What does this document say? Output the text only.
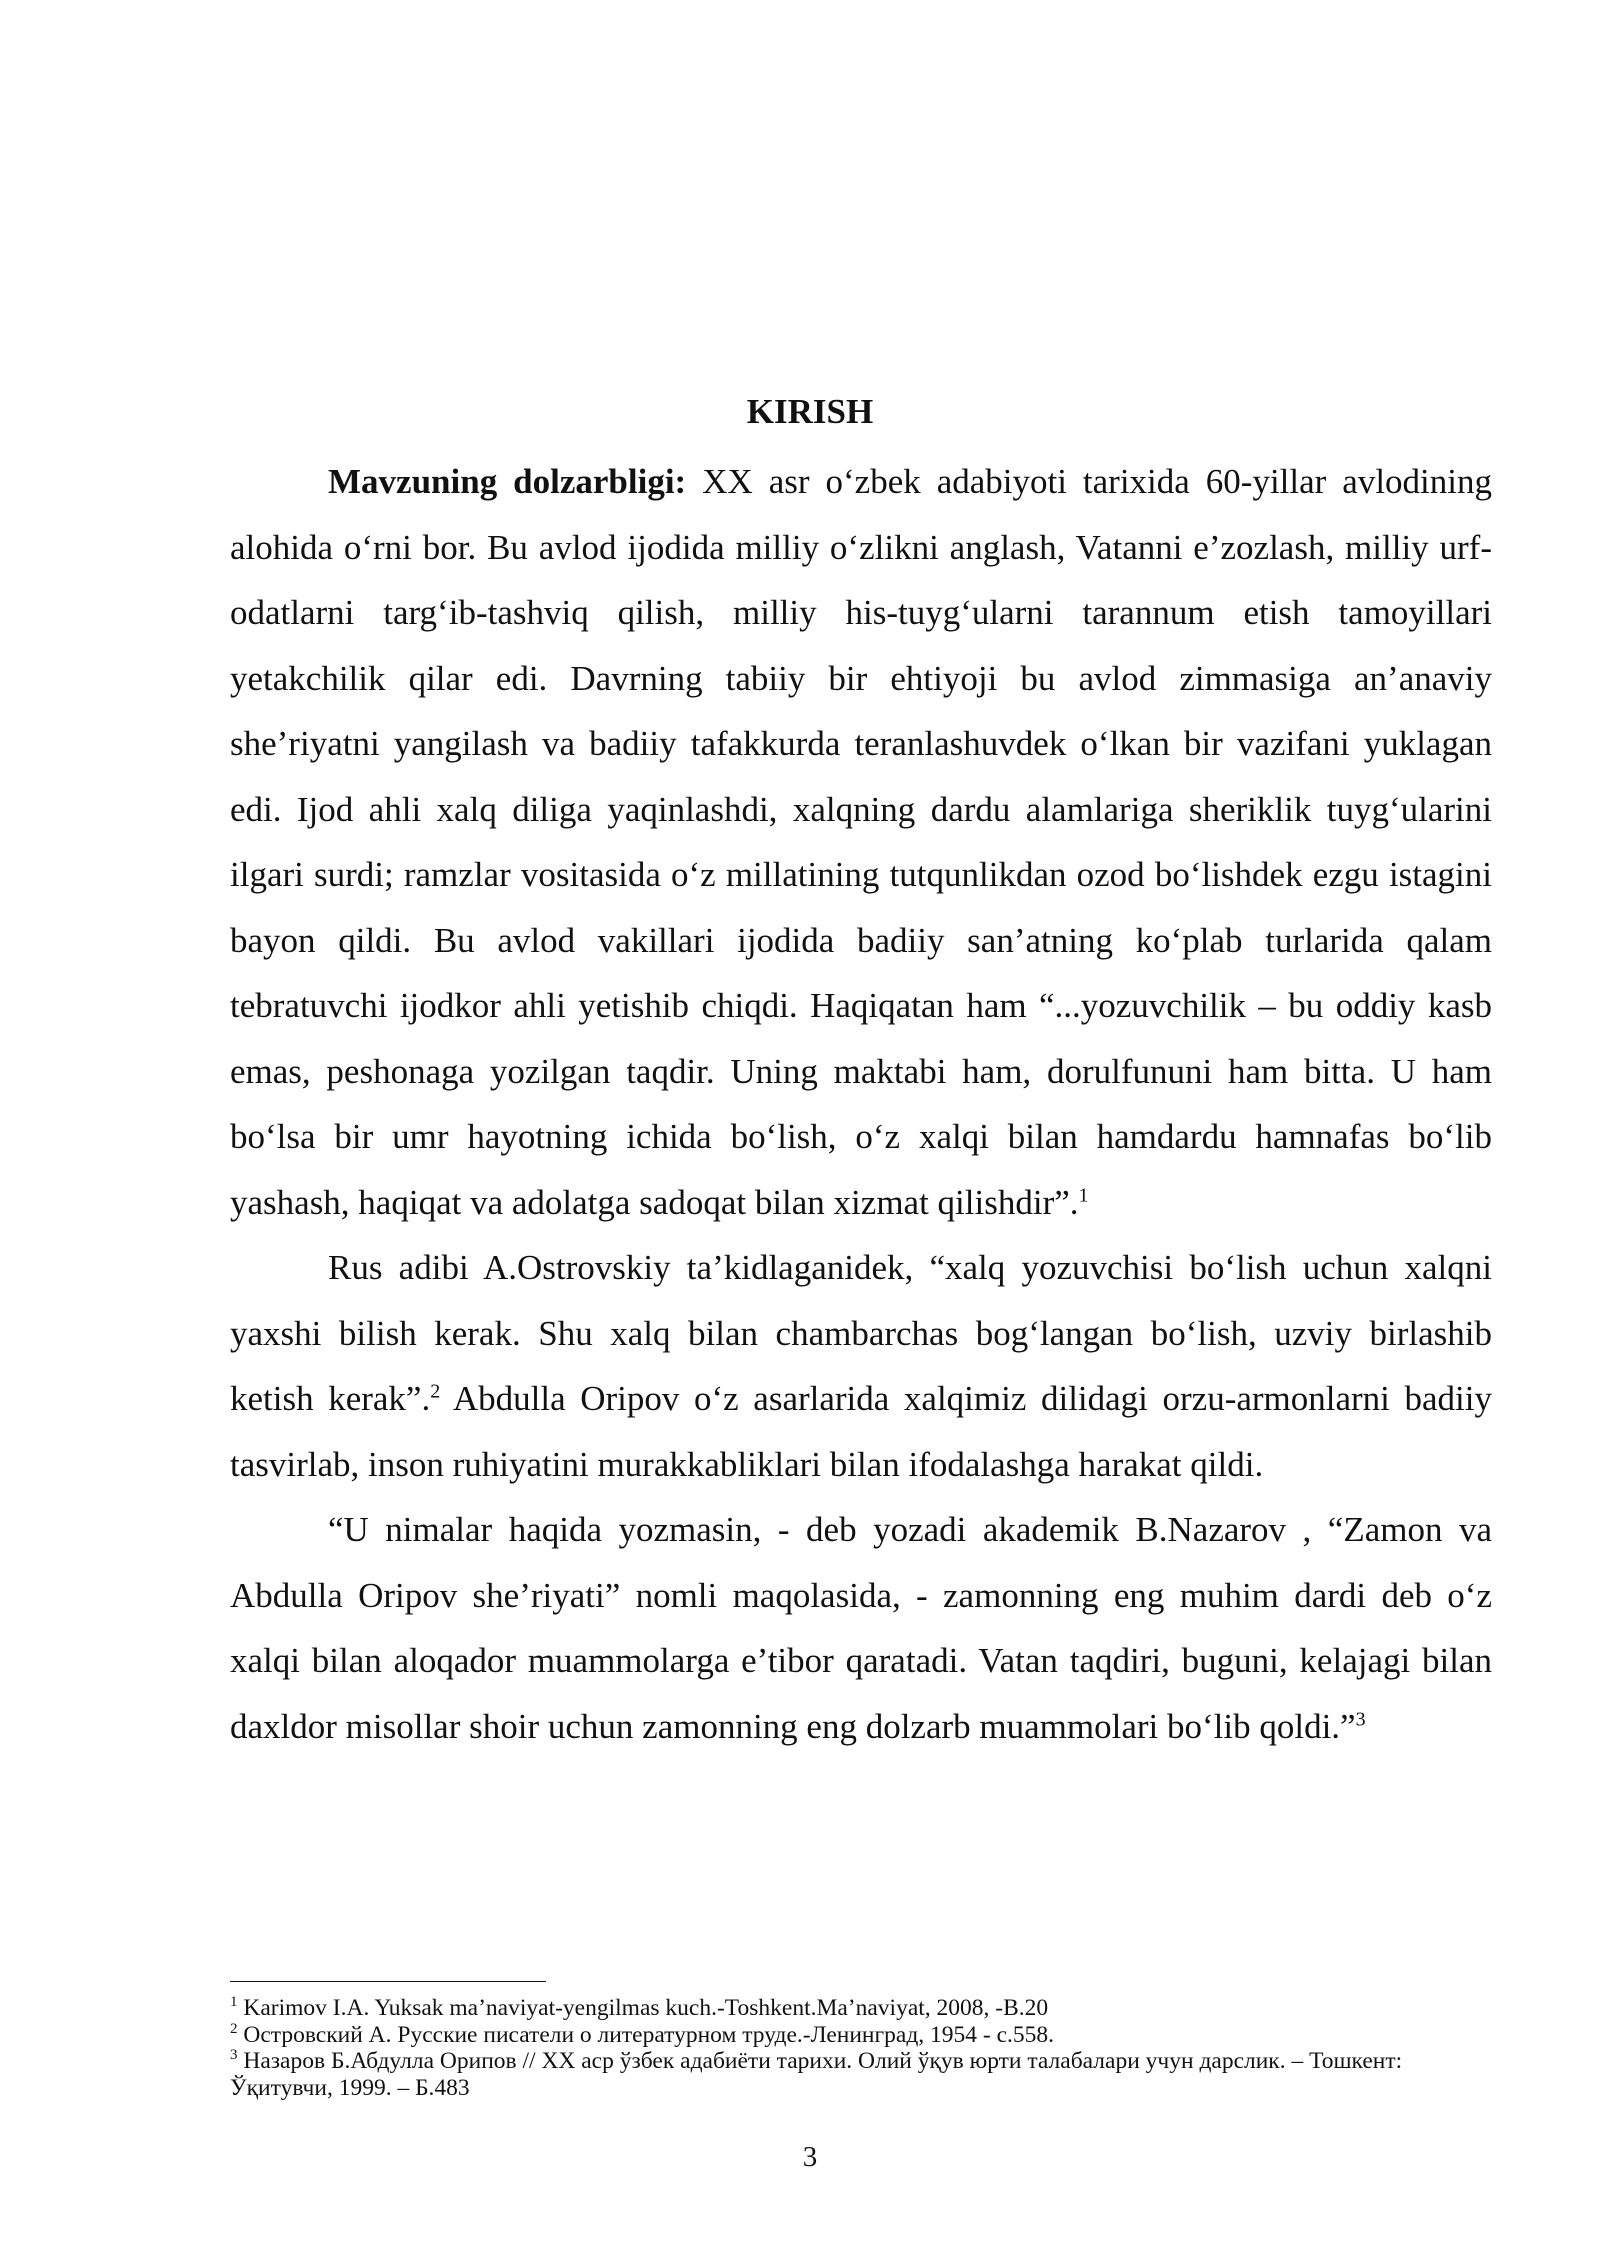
KIRISH

Mavzuning dolzarbligi: XX asr o‘zbek adabiyoti tarixida 60-yillar avlodining alohida o‘rni bor. Bu avlod ijodida milliy o‘zlikni anglash, Vatanni e’zozlash, milliy urf-odatlarni targ‘ib-tashviq qilish, milliy his-tuyg‘ularni tarannum etish tamoyillari yetakchilik qilar edi. Davrning tabiiy bir ehtiyoji bu avlod zimmasiga an’anaviy she’riyatni yangilash va badiiy tafakkurda teranlashuvdek o‘lkan bir vazifani yuklagan edi. Ijod ahli xalq diliga yaqinlashdi, xalqning dardu alamlariga sheriklik tuyg‘ularini ilgari surdi; ramzlar vositasida o‘z millatining tutqunlikdan ozod bo‘lishdek ezgu istagini bayon qildi. Bu avlod vakillari ijodida badiiy san’atning ko‘plab turlarida qalam tebratuvchi ijodkor ahli yetishib chiqdi. Haqiqatan ham “...yozuvchilik – bu oddiy kasb emas, peshonaga yozilgan taqdir. Uning maktabi ham, dorulfununi ham bitta. U ham bo‘lsa bir umr hayotning ichida bo‘lish, o‘z xalqi bilan hamdardu hamnafas bo‘lib yashash, haqiqat va adolatga sadoqat bilan xizmat qilishdir”.$^1$

Rus adibi A.Ostrovskiy ta’kidlaganidek, “xalq yozuvchisi bo‘lish uchun xalqni yaxshi bilish kerak. Shu xalq bilan chambarchas bog‘langan bo‘lish, uzviy birlashib ketish kerak”.$^2$ Abdulla Oripov o‘z asarlarida xalqimiz dilidagi orzu-armonlarni badiiy tasvirlab, inson ruhiyatini murakkabliklari bilan ifodalashga harakat qildi.

“U nimalar haqida yozmasin, - deb yozadi akademik B.Nazarov , “Zamon va Abdulla Oripov she’riyati” nomli maqolasida, - zamonning eng muhim dardi deb o‘z xalqi bilan aloqador muammolarga e’tibor qaratadi. Vatan taqdiri, buguni, kelajagi bilan daxldor misollar shoir uchun zamonning eng dolzarb muammolari bo‘lib qoldi.”$^3$

$^1$ Karimov I.A. Yuksak ma’naviyat-yengilmas kuch.-Toshkent.Ma’naviyat, 2008, -B.20

$^2$ Островский А. Русские писатели о литературном труде.-Ленинград, 1954 - с.558.

$^3$ Назаров Б.Абдулла Орипов // ХХ аср ўзбек адабиёти тарихи. Олий ўқув юрти талабалари учун дарслик. – Тошкент: Ўқитувчи, 1999. – Б.483

3
